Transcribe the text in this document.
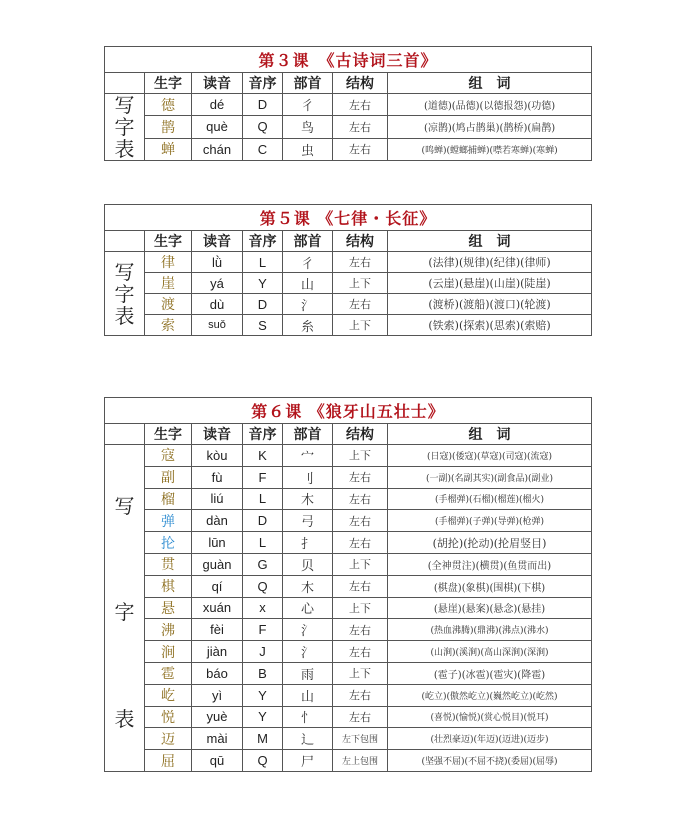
第３课　《古诗词三首》						
	生字	读音	音序	部首	结构	组　词

写
字
表	德	dé	D	彳	左右	(道德)(品德)(以德报怨)(功德)
	鹊	què	Q	鸟	左右	(凉鹊)(鸠占鹊巢)(鹊桥)(扁鹊)
	蝉	chán	C	虫	左右	(鸣蝉)(螳螂捕蝉)(噤若寒蝉)(寒蝉)
第５课 《七律・长征》						
	生字	读音	音序	部首	结构	组　词

写
字
表	律	lǜ	L	彳	左右	(法律)(规律)(纪律)(律师)
	崖	yá	Y	山	上下	(云崖)(悬崖)(山崖)(陡崖)
	渡	dù	D	氵	左右	(渡桥)(渡船)(渡口)(轮渡)
	索	suǒ	S	糸	上下	(铁索)(探索)(思索)(索赔)
第６课 《狼牙山五壮士》						
	生字	读音	音序	部首	结构	组　词

写
字
表	寇	kòu	K	宀	上下	(日寇)(倭寇)(草寇)(司寇)(流寇)
	副	fù	F	刂	左右	(一副)(名副其实)(副食品)(副业)
	榴	liú	L	木	左右	(手榴弹)(石榴)(榴莲)(榴火)
	弹	dàn	D	弓	左右	(手榴弹)(子弹)(导弹)(枪弹)
	抡	lūn	L	扌	左右	(胡抡)(抡动)(抡眉竖目)
	贯	guàn	G	贝	上下	(全神贯注)(横贯)(鱼贯而出)
	棋	qí	Q	木	左右	(棋盘)(象棋)(围棋)(下棋)
	悬	xuán	x	心	上下	(悬崖)(悬案)(悬念)(悬挂)
	沸	fèi	F	氵	左右	(热血沸腾)(鼎沸)(沸点)(沸水)
	涧	jiàn	J	氵	左右	(山涧)(溪涧)(高山深涧)(深涧)
	雹	báo	B	雨	上下	(雹子)(冰雹)(雹灾)(降雹)
	屹	yì	Y	山	左右	(屹立)(傲然屹立)(巍然屹立)(屹然)
	悦	yuè	Y	忄	左右	(喜悦)(愉悦)(赏心悦目)(悦耳)
	迈	mài	M	辶	左下包围	(壮烈豪迈)(年迈)(迈进)(迈步)
	屈	qū	Q	尸	左上包围	(坚强不屈)(不屈不挠)(委屈)(屈辱)
